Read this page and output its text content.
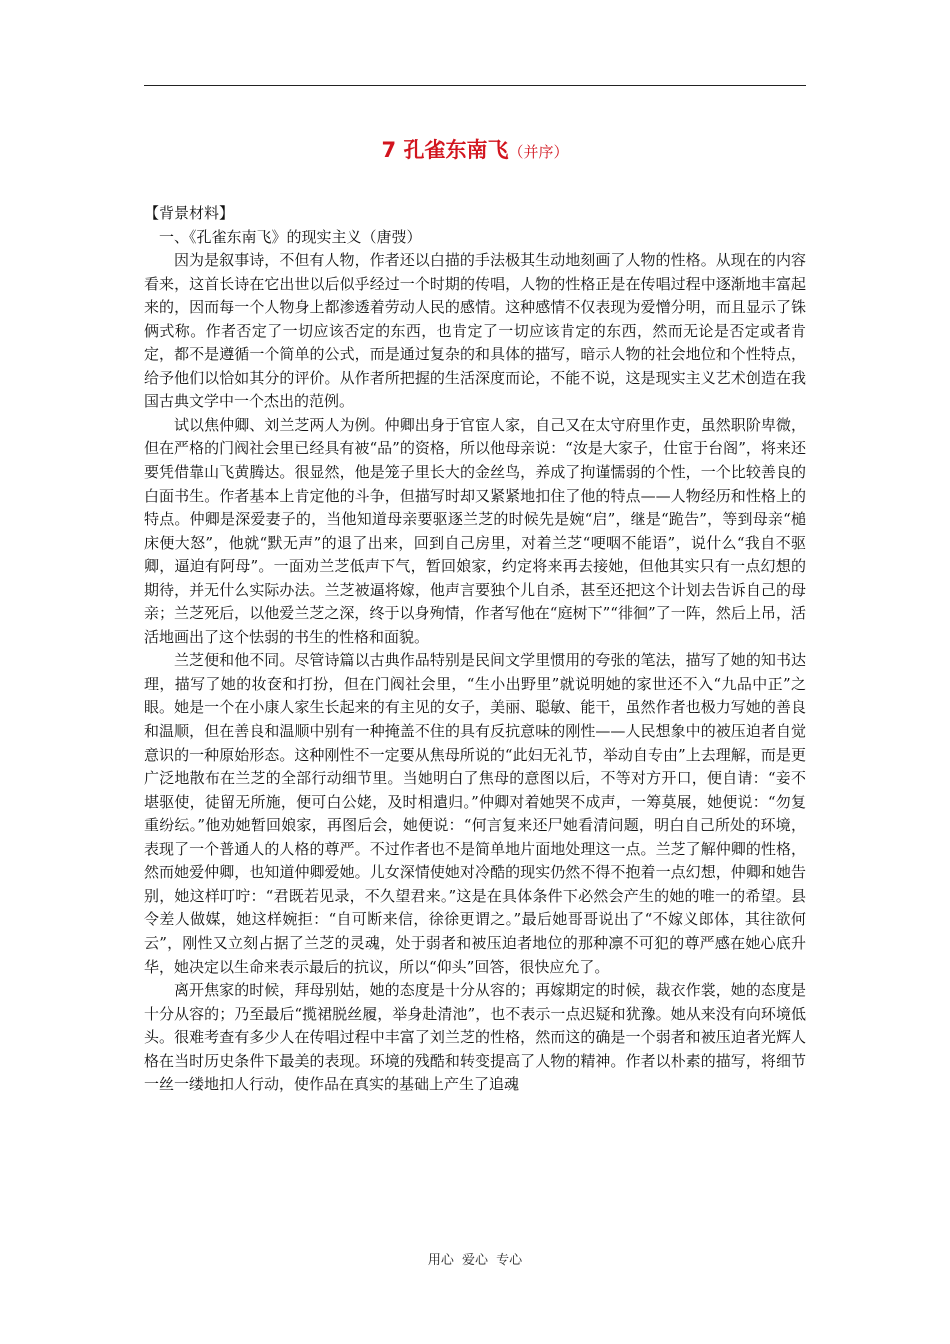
7 孔雀东南飞（并序）

【背景材料】

一、《孔雀东南飞》的现实主义（唐弢）

因为是叙事诗，不但有人物，作者还以白描的手法极其生动地刻画了人物的性格。从现在的内容看来，这首长诗在它出世以后似乎经过一个时期的传唱，人物的性格正是在传唱过程中逐渐地丰富起来的，因而每一个人物身上都渗透着劳动人民的感情。这种感情不仅表现为爱憎分明，而且显示了铢俩式称。作者否定了一切应该否定的东西，也肯定了一切应该肯定的东西，然而无论是否定或者肯定，都不是遵循一个简单的公式，而是通过复杂的和具体的描写，暗示人物的社会地位和个性特点，给予他们以恰如其分的评价。从作者所把握的生活深度而论，不能不说，这是现实主义艺术创造在我国古典文学中一个杰出的范例。

试以焦仲卿、刘兰芝两人为例。仲卿出身于官宦人家，自己又在太守府里作吏，虽然职阶卑微，但在严格的门阀社会里已经具有被“品”的资格，所以他母亲说：“汝是大家子，仕宦于台阁”，将来还要凭借靠山飞黄腾达。很显然，他是笼子里长大的金丝鸟，养成了拘谨懦弱的个性，一个比较善良的白面书生。作者基本上肯定他的斗争，但描写时却又紧紧地扣住了他的特点——人物经历和性格上的特点。仲卿是深爱妻子的，当他知道母亲要驱逐兰芝的时候先是婉“启”，继是“跪告”，等到母亲“槌床便大怒”，他就“默无声”的退了出来，回到自己房里，对着兰芝“哽咽不能语”，说什么“我自不驱卿，逼迫有阿母”。一面劝兰芝低声下气，暂回娘家，约定将来再去接她，但他其实只有一点幻想的期待，并无什么实际办法。兰芝被逼将嫁，他声言要独个儿自杀，甚至还把这个计划去告诉自己的母亲；兰芝死后，以他爱兰芝之深，终于以身殉情，作者写他在“庭树下”“徘徊”了一阵，然后上吊，活活地画出了这个怯弱的书生的性格和面貌。

兰芝便和他不同。尽管诗篇以古典作品特别是民间文学里惯用的夸张的笔法，描写了她的知书达理，描写了她的妆奁和打扮，但在门阀社会里，“生小出野里”就说明她的家世还不入“九品中正”之眼。她是一个在小康人家生长起来的有主见的女子，美丽、聪敏、能干，虽然作者也极力写她的善良和温顺，但在善良和温顺中别有一种掩盖不住的具有反抗意味的刚性——人民想象中的被压迫者自觉意识的一种原始形态。这种刚性不一定要从焦母所说的“此妇无礼节，举动自专由”上去理解，而是更广泛地散布在兰芝的全部行动细节里。当她明白了焦母的意图以后，不等对方开口，便自请：“妾不堪驱使，徒留无所施，便可白公姥，及时相遣归。”仲卿对着她哭不成声，一筹莫展，她便说：“勿复重纷纭。”他劝她暂回娘家，再图后会，她便说：“何言复来还尸她看清问题，明白自己所处的环境，表现了一个普通人的人格的尊严。不过作者也不是简单地片面地处理这一点。兰芝了解仲卿的性格，然而她爱仲卿，也知道仲卿爱她。儿女深情使她对冷酷的现实仍然不得不抱着一点幻想，仲卿和她告别，她这样叮咛：“君既若见录，不久望君来。”这是在具体条件下必然会产生的她的唯一的希望。县令差人做媒，她这样婉拒：“自可断来信，徐徐更谓之。”最后她哥哥说出了“不嫁义郎体，其往欲何云”，刚性又立刻占据了兰芝的灵魂，处于弱者和被压迫者地位的那种凛不可犯的尊严感在她心底升华，她决定以生命来表示最后的抗议，所以“仰头”回答，很快应允了。

离开焦家的时候，拜母别姑，她的态度是十分从容的；再嫁期定的时候，裁衣作裳，她的态度是十分从容的；乃至最后“揽裙脱丝履，举身赴清池”，也不表示一点迟疑和犹豫。她从来没有向环境低头。很难考查有多少人在传唱过程中丰富了刘兰芝的性格，然而这的确是一个弱者和被压迫者光辉人格在当时历史条件下最美的表现。环境的残酷和转变提高了人物的精神。作者以朴素的描写，将细节一丝一缕地扣人行动，使作品在真实的基础上产生了追魂

用心 爱心 专心
